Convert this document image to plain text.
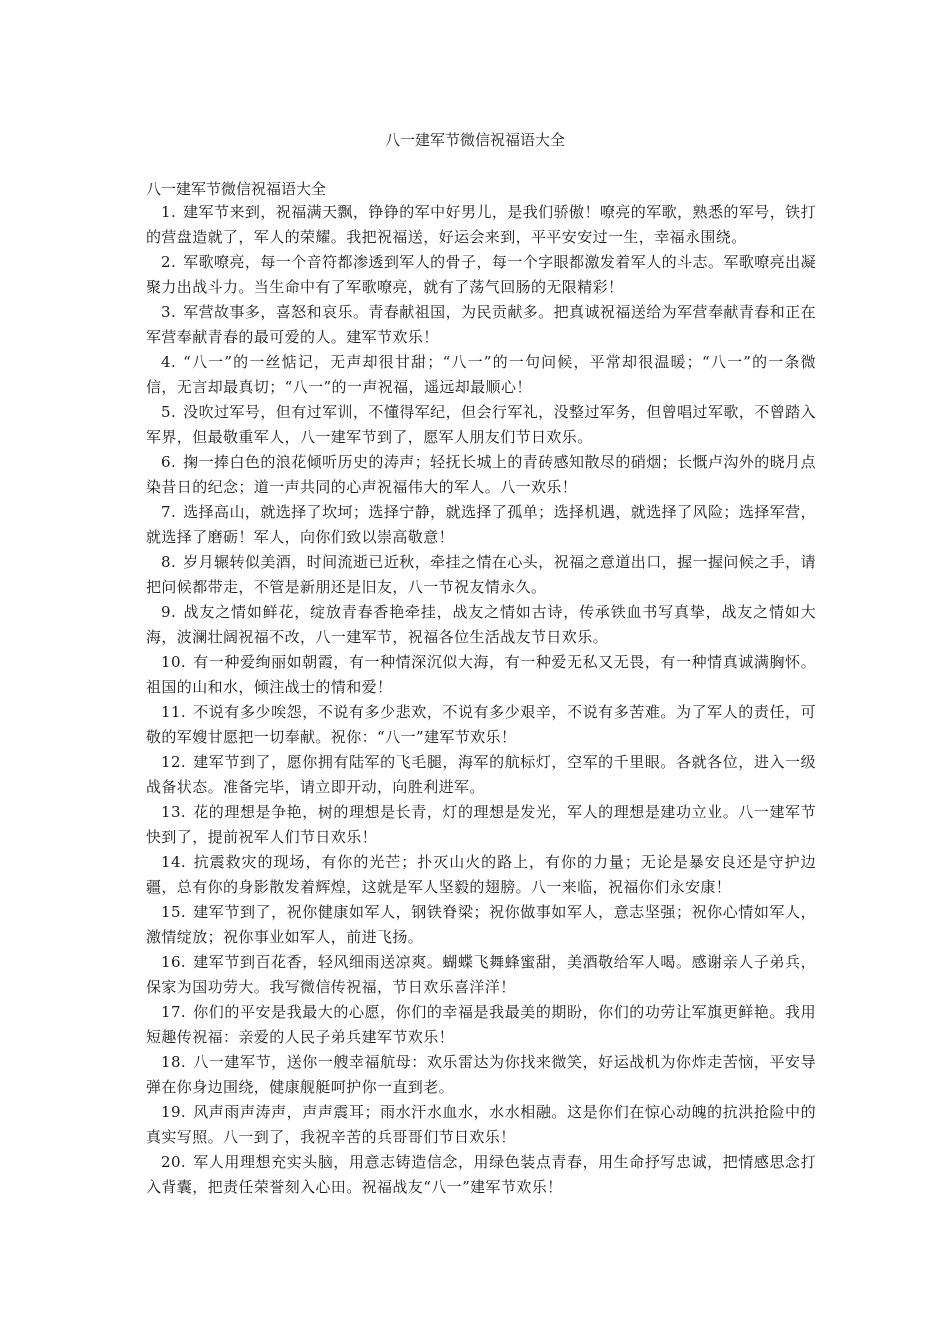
八一建军节微信祝福语大全

八一建军节微信祝福语大全

1. 建军节来到，祝福满天飘，铮铮的军中好男儿，是我们骄傲！嘹亮的军歌，熟悉的军号，铁打的营盘造就了，军人的荣耀。我把祝福送，好运会来到，平平安安过一生，幸福永围绕。

2. 军歌嘹亮，每一个音符都渗透到军人的骨子，每一个字眼都激发着军人的斗志。军歌嘹亮出凝聚力出战斗力。当生命中有了军歌嘹亮，就有了荡气回肠的无限精彩！

3. 军营故事多，喜怒和哀乐。青春献祖国，为民贡献多。把真诚祝福送给为军营奉献青春和正在军营奉献青春的最可爱的人。建军节欢乐！

4. “八一”的一丝惦记，无声却很甘甜；“八一”的一句问候，平常却很温暖；“八一”的一条微信，无言却最真切；“八一”的一声祝福，遥远却最顺心！

5. 没吹过军号，但有过军训，不懂得军纪，但会行军礼，没整过军务，但曾唱过军歌，不曾踏入军界，但最敬重军人，八一建军节到了，愿军人朋友们节日欢乐。

6. 掬一捧白色的浪花倾听历史的涛声；轻抚长城上的青砖感知散尽的硝烟；长慨卢沟外的晓月点染昔日的纪念；道一声共同的心声祝福伟大的军人。八一欢乐！

7. 选择高山，就选择了坎坷；选择宁静，就选择了孤单；选择机遇，就选择了风险；选择军营，就选择了磨砺！军人，向你们致以崇高敬意！

8. 岁月辗转似美酒，时间流逝已近秋，牵挂之情在心头，祝福之意道出口，握一握问候之手，请把问候都带走，不管是新朋还是旧友，八一节祝友情永久。

9. 战友之情如鲜花，绽放青春香艳牵挂，战友之情如古诗，传承铁血书写真挚，战友之情如大海，波澜壮阔祝福不改，八一建军节，祝福各位生活战友节日欢乐。

10. 有一种爱绚丽如朝霞，有一种情深沉似大海，有一种爱无私又无畏，有一种情真诚满胸怀。祖国的山和水，倾注战士的情和爱！

11. 不说有多少唉怨，不说有多少悲欢，不说有多少艰辛，不说有多苦难。为了军人的责任，可敬的军嫂甘愿把一切奉献。祝你：“八一”建军节欢乐！

12. 建军节到了，愿你拥有陆军的飞毛腿，海军的航标灯，空军的千里眼。各就各位，进入一级战备状态。准备完毕，请立即开动，向胜利进军。

13. 花的理想是争艳，树的理想是长青，灯的理想是发光，军人的理想是建功立业。八一建军节快到了，提前祝军人们节日欢乐！

14. 抗震救灾的现场，有你的光芒；扑灭山火的路上，有你的力量；无论是暴安良还是守护边疆，总有你的身影散发着辉煌，这就是军人坚毅的翅膀。八一来临，祝福你们永安康！

15. 建军节到了，祝你健康如军人，钢铁脊梁；祝你做事如军人，意志坚强；祝你心情如军人，激情绽放；祝你事业如军人，前进飞扬。

16. 建军节到百花香，轻风细雨送凉爽。蝴蝶飞舞蜂蜜甜，美酒敬给军人喝。感谢亲人子弟兵，保家为国功劳大。我写微信传祝福，节日欢乐喜洋洋！

17. 你们的平安是我最大的心愿，你们的幸福是我最美的期盼，你们的功劳让军旗更鲜艳。我用短趣传祝福：亲爱的人民子弟兵建军节欢乐！

18. 八一建军节，送你一艘幸福航母：欢乐雷达为你找来微笑，好运战机为你炸走苦恼，平安导弹在你身边围绕，健康舰艇呵护你一直到老。

19. 风声雨声涛声，声声震耳；雨水汗水血水，水水相融。这是你们在惊心动魄的抗洪抢险中的真实写照。八一到了，我祝辛苦的兵哥哥们节日欢乐！

20. 军人用理想充实头脑，用意志铸造信念，用绿色装点青春，用生命抒写忠诚，把情感思念打入背囊，把责任荣誉刻入心田。祝福战友“八一”建军节欢乐！
